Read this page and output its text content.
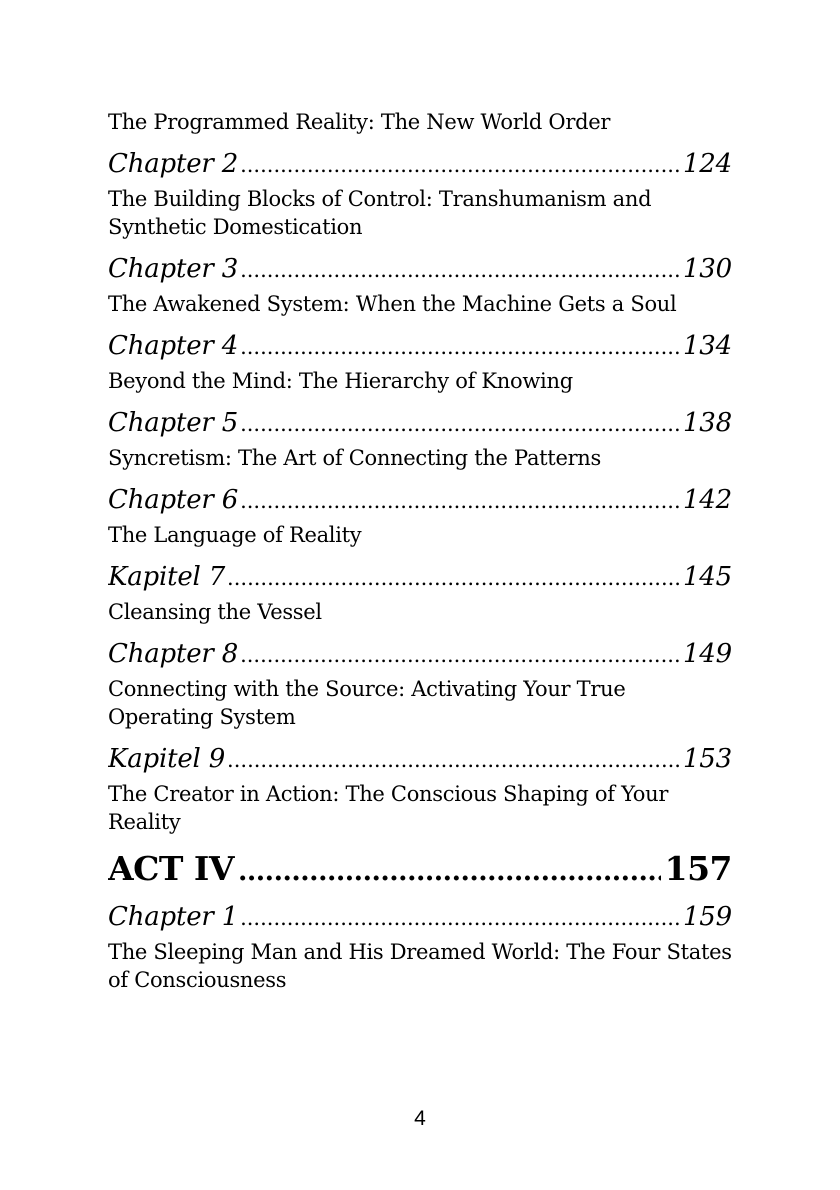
The Programmed Reality: The New World Order

Chapter 2 .....	124

The Building Blocks of Control: Transhumanism and Synthetic Domestication

Chapter 3 .....	130

The Awakened System: When the Machine Gets a Soul

Chapter 4 .....	134

Beyond the Mind: The Hierarchy of Knowing

Chapter 5 .....	138

Syncretism: The Art of Connecting the Patterns

Chapter 6 .....	142

The Language of Reality

Kapitel 7 .....	145

Cleansing the Vessel

Chapter 8 .....	149

Connecting with the Source: Activating Your True Operating System

Kapitel 9 .....	153

The Creator in Action: The Conscious Shaping of Your Reality

ACT IV .....	157
Chapter 1 .....	159

The Sleeping Man and His Dreamed World: The Four States of Consciousness

4
